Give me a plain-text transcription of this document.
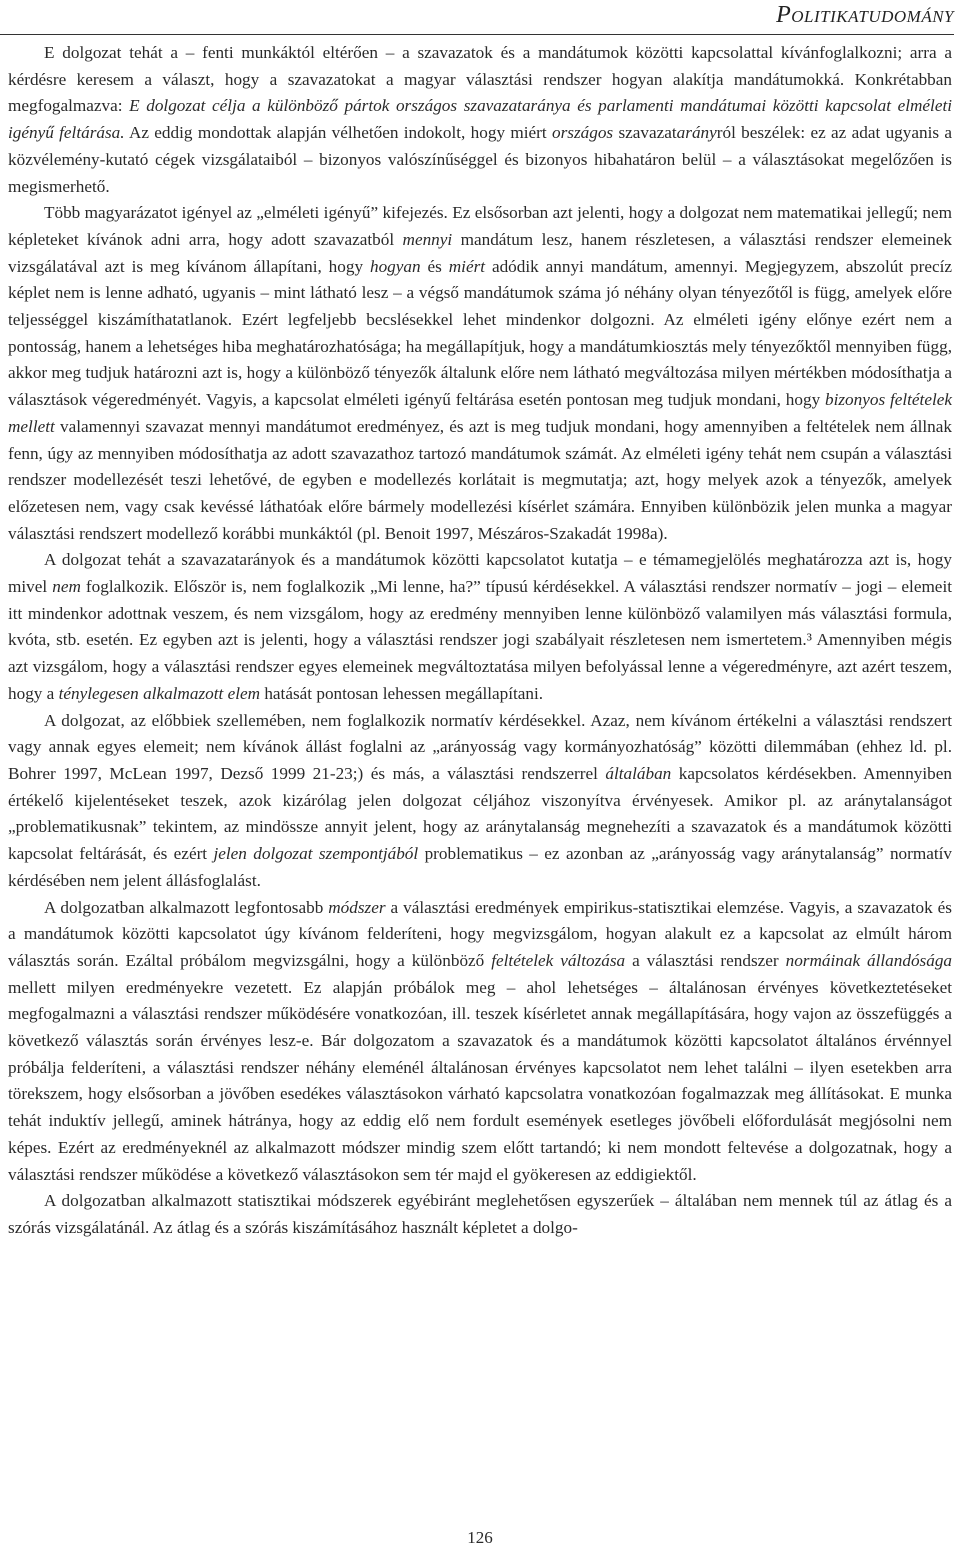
Politikatudomány

E dolgozat tehát a – fenti munkáktól eltérően – a szavazatok és a mandátumok közötti kapcsolattal kívánfoglalkozni; arra a kérdésre keresem a választ, hogy a szavazatokat a magyar választási rendszer hogyan alakítja mandátumokká. Konkrétabban megfogalmazva: E dolgozat célja a különböző pártok országos szavazataránya és parlamenti mandátumai közötti kapcsolat elméleti igényű feltárása. Az eddig mondottak alapján vélhetően indokolt, hogy miért országos szavazatarányról beszélek: ez az adat ugyanis a közvélemény-kutató cégek vizsgálataiból – bizonyos valószínűséggel és bizonyos hibahatáron belül – a választásokat megelőzően is megismerhető.

Több magyarázatot igényel az „elméleti igényű” kifejezés. Ez elsősorban azt jelenti, hogy a dolgozat nem matematikai jellegű; nem képleteket kívánok adni arra, hogy adott szavazatból mennyi mandátum lesz, hanem részletesen, a választási rendszer elemeinek vizsgálatával azt is meg kívánom állapítani, hogy hogyan és miért adódik annyi mandátum, amennyi. Megjegyzem, abszolút precíz képlet nem is lenne adható, ugyanis – mint látható lesz – a végső mandátumok száma jó néhány olyan tényezőtől is függ, amelyek előre teljességgel kiszámíthatatlanok. Ezért legfeljebb becslésekkel lehet mindenkor dolgozni. Az elméleti igény előnye ezért nem a pontosság, hanem a lehetséges hiba meghatározhatósága; ha megállapítjuk, hogy a mandátumkiosztás mely tényezőktől mennyiben függ, akkor meg tudjuk határozni azt is, hogy a különböző tényezők általunk előre nem látható megváltozása milyen mértékben módosíthatja a választások végeredményét. Vagyis, a kapcsolat elméleti igényű feltárása esetén pontosan meg tudjuk mondani, hogy bizonyos feltételek mellett valamennyi szavazat mennyi mandátumot eredményez, és azt is meg tudjuk mondani, hogy amennyiben a feltételek nem állnak fenn, úgy az mennyiben módosíthatja az adott szavazathoz tartozó mandátumok számát. Az elméleti igény tehát nem csupán a választási rendszer modellezését teszi lehetővé, de egyben e modellezés korlátait is megmutatja; azt, hogy melyek azok a tényezők, amelyek előzetesen nem, vagy csak kevéssé láthatóak előre bármely modellezési kísérlet számára. Ennyiben különbözik jelen munka a magyar választási rendszert modellező korábbi munkáktól (pl. Benoit 1997, Mészáros-Szakadát 1998a).

A dolgozat tehát a szavazatarányok és a mandátumok közötti kapcsolatot kutatja – e témamegjelölés meghatározza azt is, hogy mivel nem foglalkozik. Először is, nem foglalkozik „Mi lenne, ha?” típusú kérdésekkel. A választási rendszer normatív – jogi – elemeit itt mindenkor adottnak veszem, és nem vizsgálom, hogy az eredmény mennyiben lenne különböző valamilyen más választási formula, kvóta, stb. esetén. Ez egyben azt is jelenti, hogy a választási rendszer jogi szabályait részletesen nem ismertetem.³ Amennyiben mégis azt vizsgálom, hogy a választási rendszer egyes elemeinek megváltoztatása milyen befolyással lenne a végeredményre, azt azért teszem, hogy a ténylegesen alkalmazott elem hatását pontosan lehessen megállapítani.

A dolgozat, az előbbiek szellemében, nem foglalkozik normatív kérdésekkel. Azaz, nem kívánom értékelni a választási rendszert vagy annak egyes elemeit; nem kívánok állást foglalni az „arányosság vagy kormányozhatóság” közötti dilemmában (ehhez ld. pl. Bohrer 1997, McLean 1997, Dezső 1999 21-23;) és más, a választási rendszerrel általában kapcsolatos kérdésekben. Amennyiben értékelő kijelentéseket teszek, azok kizárólag jelen dolgozat céljához viszonyítva érvényesek. Amikor pl. az aránytalanságot „problematikusnak” tekintem, az mindössze annyit jelent, hogy az aránytalanság megnehezíti a szavazatok és a mandátumok közötti kapcsolat feltárását, és ezért jelen dolgozat szempontjából problematikus – ez azonban az „arányosság vagy aránytalanság” normatív kérdésében nem jelent állásfoglalást.

A dolgozatban alkalmazott legfontosabb módszer a választási eredmények empirikus-statisztikai elemzése. Vagyis, a szavazatok és a mandátumok közötti kapcsolatot úgy kívánom felderíteni, hogy megvizsgálom, hogyan alakult ez a kapcsolat az elmúlt három választás során. Ezáltal próbálom megvizsgálni, hogy a különböző feltételek változása a választási rendszer normáinak állandósága mellett milyen eredményekre vezetett. Ez alapján próbálok meg – ahol lehetséges – általánosan érvényes következtetéseket megfogalmazni a választási rendszer működésére vonatkozóan, ill. teszek kísérletet annak megállapítására, hogy vajon az összefüggés a következő választás során érvényes lesz-e. Bár dolgozatom a szavazatok és a mandátumok közötti kapcsolatot általános érvénnyel próbálja felderíteni, a választási rendszer néhány eleménél általánosan érvényes kapcsolatot nem lehet találni – ilyen esetekben arra törekszem, hogy elsősorban a jövőben esedékes választásokon várható kapcsolatra vonatkozóan fogalmazzak meg állításokat. E munka tehát induktív jellegű, aminek hátránya, hogy az eddig elő nem fordult események esetleges jövőbeli előfordulását megjósolni nem képes. Ezért az eredményeknél az alkalmazott módszer mindig szem előtt tartandó; ki nem mondott feltevése a dolgozatnak, hogy a választási rendszer működése a következő választásokon sem tér majd el gyökeresen az eddigiektől.

A dolgozatban alkalmazott statisztikai módszerek egyébiránt meglehetősen egyszerűek – általában nem mennek túl az átlag és a szórás vizsgálatánál. Az átlag és a szórás kiszámításához használt képletet a dolgo-

126
